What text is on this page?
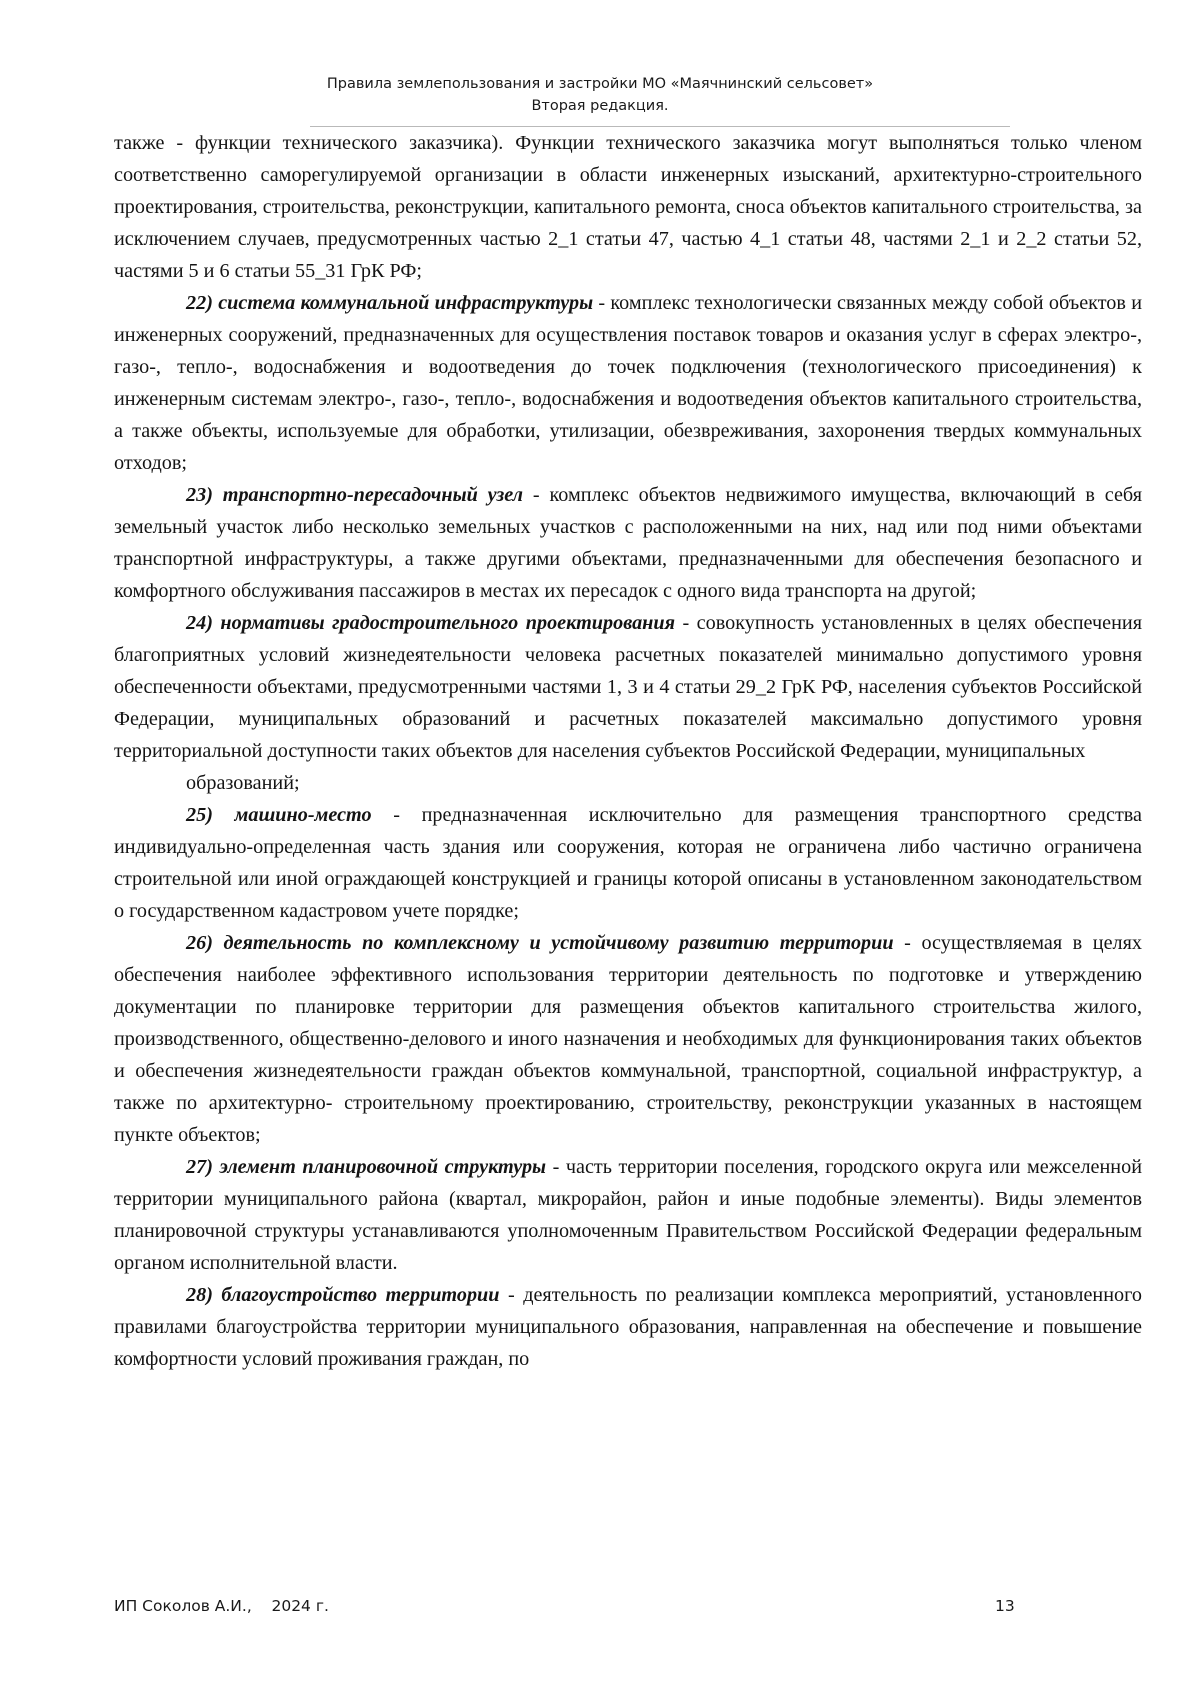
Правила землепользования и застройки МО «Маячнинский сельсовет»
Вторая редакция.

также - функции технического заказчика). Функции технического заказчика могут выполняться только членом соответственно саморегулируемой организации в области инженерных изысканий, архитектурно-строительного проектирования, строительства, реконструкции, капитального ремонта, сноса объектов капитального строительства, за исключением случаев, предусмотренных частью 2_1 статьи 47, частью 4_1 статьи 48, частями 2_1 и 2_2 статьи 52, частями 5 и 6 статьи 55_31 ГрК РФ;

22) система коммунальной инфраструктуры - комплекс технологически связанных между собой объектов и инженерных сооружений, предназначенных для осуществления поставок товаров и оказания услуг в сферах электро-, газо-, тепло-, водоснабжения и водоотведения до точек подключения (технологического присоединения) к инженерным системам электро-, газо-, тепло-, водоснабжения и водоотведения объектов капитального строительства, а также объекты, используемые для обработки, утилизации, обезвреживания, захоронения твердых коммунальных отходов;

23) транспортно-пересадочный узел - комплекс объектов недвижимого имущества, включающий в себя земельный участок либо несколько земельных участков с расположенными на них, над или под ними объектами транспортной инфраструктуры, а также другими объектами, предназначенными для обеспечения безопасного и комфортного обслуживания пассажиров в местах их пересадок с одного вида транспорта на другой;

24) нормативы градостроительного проектирования - совокупность установленных в целях обеспечения благоприятных условий жизнедеятельности человека расчетных показателей минимально допустимого уровня обеспеченности объектами, предусмотренными частями 1, 3 и 4 статьи 29_2 ГрК РФ, населения субъектов Российской Федерации, муниципальных образований и расчетных показателей максимально допустимого уровня территориальной доступности таких объектов для населения субъектов Российской Федерации, муниципальных

образований;

25) машино-место - предназначенная исключительно для размещения транспортного средства индивидуально-определенная часть здания или сооружения, которая не ограничена либо частично ограничена строительной или иной ограждающей конструкцией и границы которой описаны в установленном законодательством о государственном кадастровом учете порядке;

26) деятельность по комплексному и устойчивому развитию территории - осуществляемая в целях обеспечения наиболее эффективного использования территории деятельность по подготовке и утверждению документации по планировке территории для размещения объектов капитального строительства жилого, производственного, общественно-делового и иного назначения и необходимых для функционирования таких объектов и обеспечения жизнедеятельности граждан объектов коммунальной, транспортной, социальной инфраструктур, а также по архитектурно- строительному проектированию, строительству, реконструкции указанных в настоящем пункте объектов;

27) элемент планировочной структуры - часть территории поселения, городского округа или межселенной территории муниципального района (квартал, микрорайон, район и иные подобные элементы). Виды элементов планировочной структуры устанавливаются уполномоченным Правительством Российской Федерации федеральным органом исполнительной власти.

28) благоустройство территории - деятельность по реализации комплекса мероприятий, установленного правилами благоустройства территории муниципального образования, направленная на обеспечение и повышение комфортности условий проживания граждан, по

ИП Соколов А.И.,    2024 г.	13
